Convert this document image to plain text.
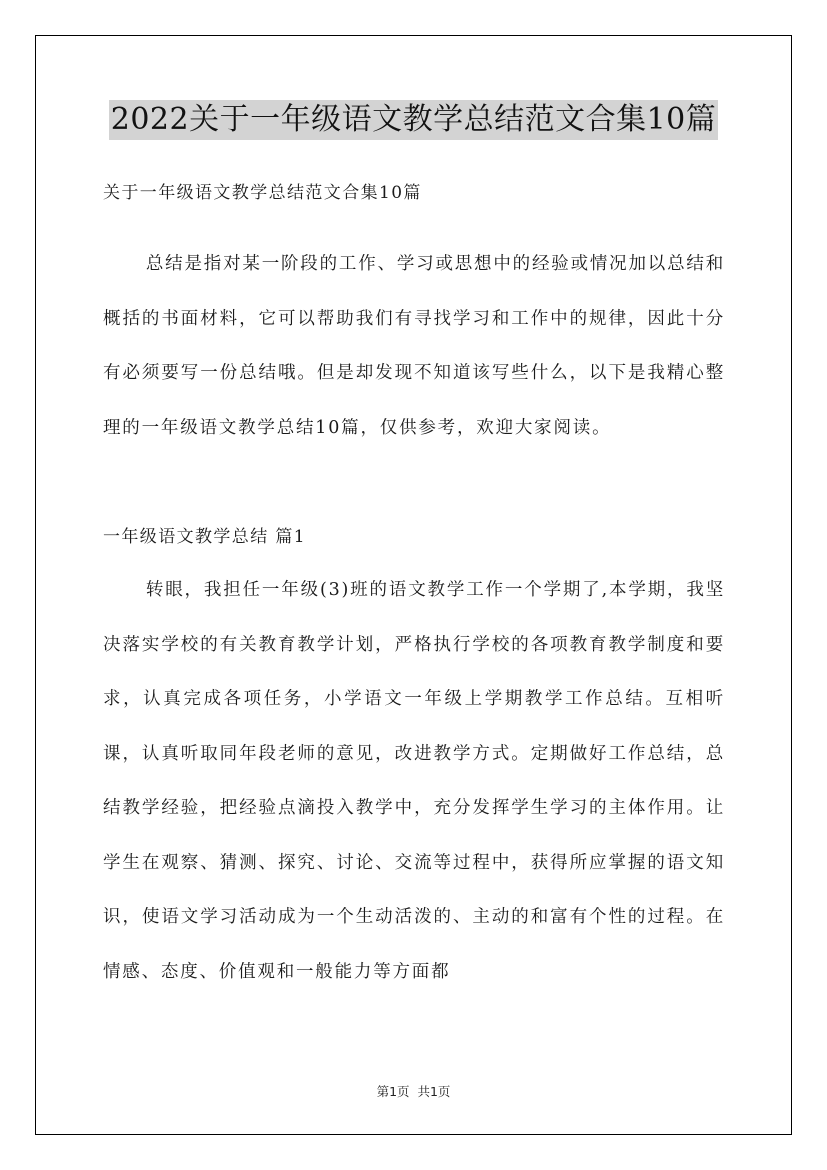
2022关于一年级语文教学总结范文合集10篇

关于一年级语文教学总结范文合集10篇

总结是指对某一阶段的工作、学习或思想中的经验或情况加以总结和概括的书面材料，它可以帮助我们有寻找学习和工作中的规律，因此十分有必须要写一份总结哦。但是却发现不知道该写些什么，以下是我精心整理的一年级语文教学总结10篇，仅供参考，欢迎大家阅读。

一年级语文教学总结 篇1

转眼，我担任一年级(3)班的语文教学工作一个学期了,本学期，我坚决落实学校的有关教育教学计划，严格执行学校的各项教育教学制度和要求，认真完成各项任务，小学语文一年级上学期教学工作总结。互相听课，认真听取同年段老师的意见，改进教学方式。定期做好工作总结，总结教学经验，把经验点滴投入教学中，充分发挥学生学习的主体作用。让学生在观察、猜测、探究、讨论、交流等过程中，获得所应掌握的语文知识，使语文学习活动成为一个生动活泼的、主动的和富有个性的过程。在情感、态度、价值观和一般能力等方面都

第1页  共1页
